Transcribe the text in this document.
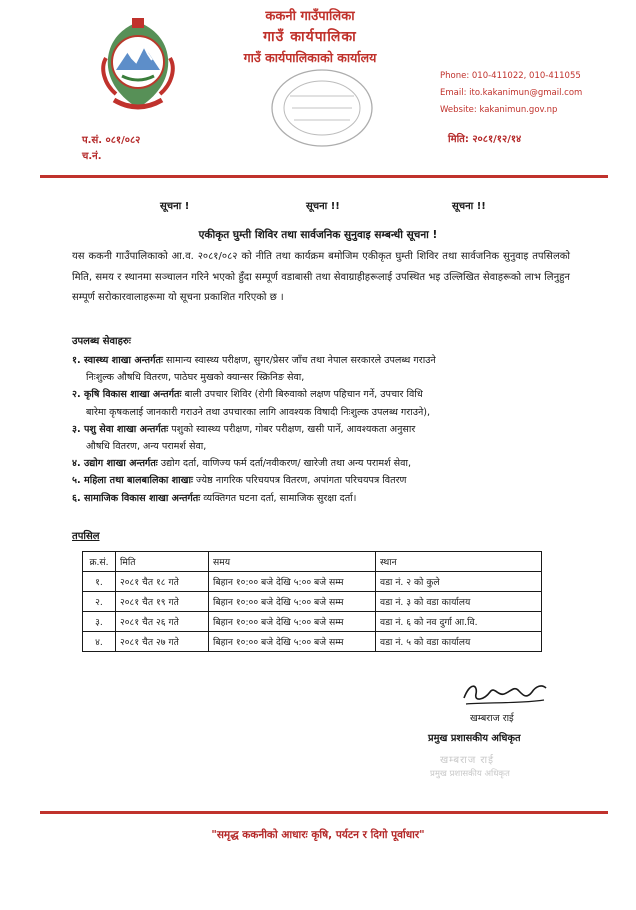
ककनी गाउँपालिका
गाउँ कार्यपालिका
गाउँ कार्यपालिकाको कार्यालय
Phone: 010-411022, 010-411055
Email: ito.kakanimun@gmail.com
Website: kakanimun.gov.np
प.सं. ०८१/०८२
च.नं.
मिति: २०८१/१२/१४
सूचना !	सूचना !!	सूचना !!
एकीकृत घुम्ती शिविर तथा सार्वजनिक सुनुवाइ सम्बन्धी सूचना !
यस ककनी गाउँपालिकाको आ.व. २०८१/०८२ को नीति तथा कार्यक्रम बमोजिम एकीकृत घुम्ती शिविर तथा सार्वजनिक सुनुवाइ तपसिलको मिति, समय र स्थानमा सञ्चालन गरिने भएको हुँदा सम्पूर्ण वडाबासी तथा सेवाग्राहीहरूलाई उपस्थित भइ उल्लिखित सेवाहरूको लाभ लिनुहुन सम्पूर्ण सरोकारवालाहरूमा यो सूचना प्रकाशित गरिएको छ ।
उपलब्ध सेवाहरुः
१. स्वास्थ्य शाखा अन्तर्गतः सामान्य स्वास्थ्य परीक्षण, सुगर/प्रेसर जाँच तथा नेपाल सरकारले उपलब्ध गराउने
निःशुल्क औषधि वितरण, पाठेघर मुखको क्यान्सर स्क्रिनिङ सेवा,
२. कृषि विकास शाखा अन्तर्गतः बाली उपचार शिविर (रोगी बिरुवाको लक्षण पहिचान गर्ने, उपचार विधि
बारेमा कृषकलाई जानकारी गराउने तथा उपचारका लागि आवश्यक विषादी निःशुल्क उपलब्ध गराउने),
३. पशु सेवा शाखा अन्तर्गतः पशुको स्वास्थ्य परीक्षण, गोबर परीक्षण, खसी पार्ने, आवश्यकता अनुसार
औषधि वितरण, अन्य परामर्श सेवा,
४. उद्योग शाखा अन्तर्गतः उद्योग दर्ता, वाणिज्य फर्म दर्ता/नवीकरण/ खारेजी तथा अन्य परामर्श सेवा,
५. महिला तथा बालबालिका शाखाः ज्येष्ठ नागरिक परिचयपत्र वितरण, अपांगता परिचयपत्र वितरण
६. सामाजिक विकास शाखा अन्तर्गतः व्यक्तिगत घटना दर्ता, सामाजिक सुरक्षा दर्ता।
तपसिल
क्र.सं.	मिति	समय	स्थान
१.	२०८१ चैत १८ गते	बिहान १०:०० बजे देखि ५:०० बजे सम्म	वडा नं. २ को कुले
२.	२०८१ चैत १९ गते	बिहान १०:०० बजे देखि ५:०० बजे सम्म	वडा नं. ३ को वडा कार्यालय
३.	२०८१ चैत २६ गते	बिहान १०:०० बजे देखि ५:०० बजे सम्म	वडा नं. ६ को नव दुर्गा आ.वि.
४.	२०८१ चैत २७ गते	बिहान १०:०० बजे देखि ५:०० बजे सम्म	वडा नं. ५ को वडा कार्यालय
खम्बराज राई
प्रमुख प्रशासकीय अधिकृत
खम्बराज राई
प्रमुख प्रशासकीय अधिकृत
"समृद्ध ककनीको आधारः कृषि, पर्यटन र दिगो पूर्वाधार"
